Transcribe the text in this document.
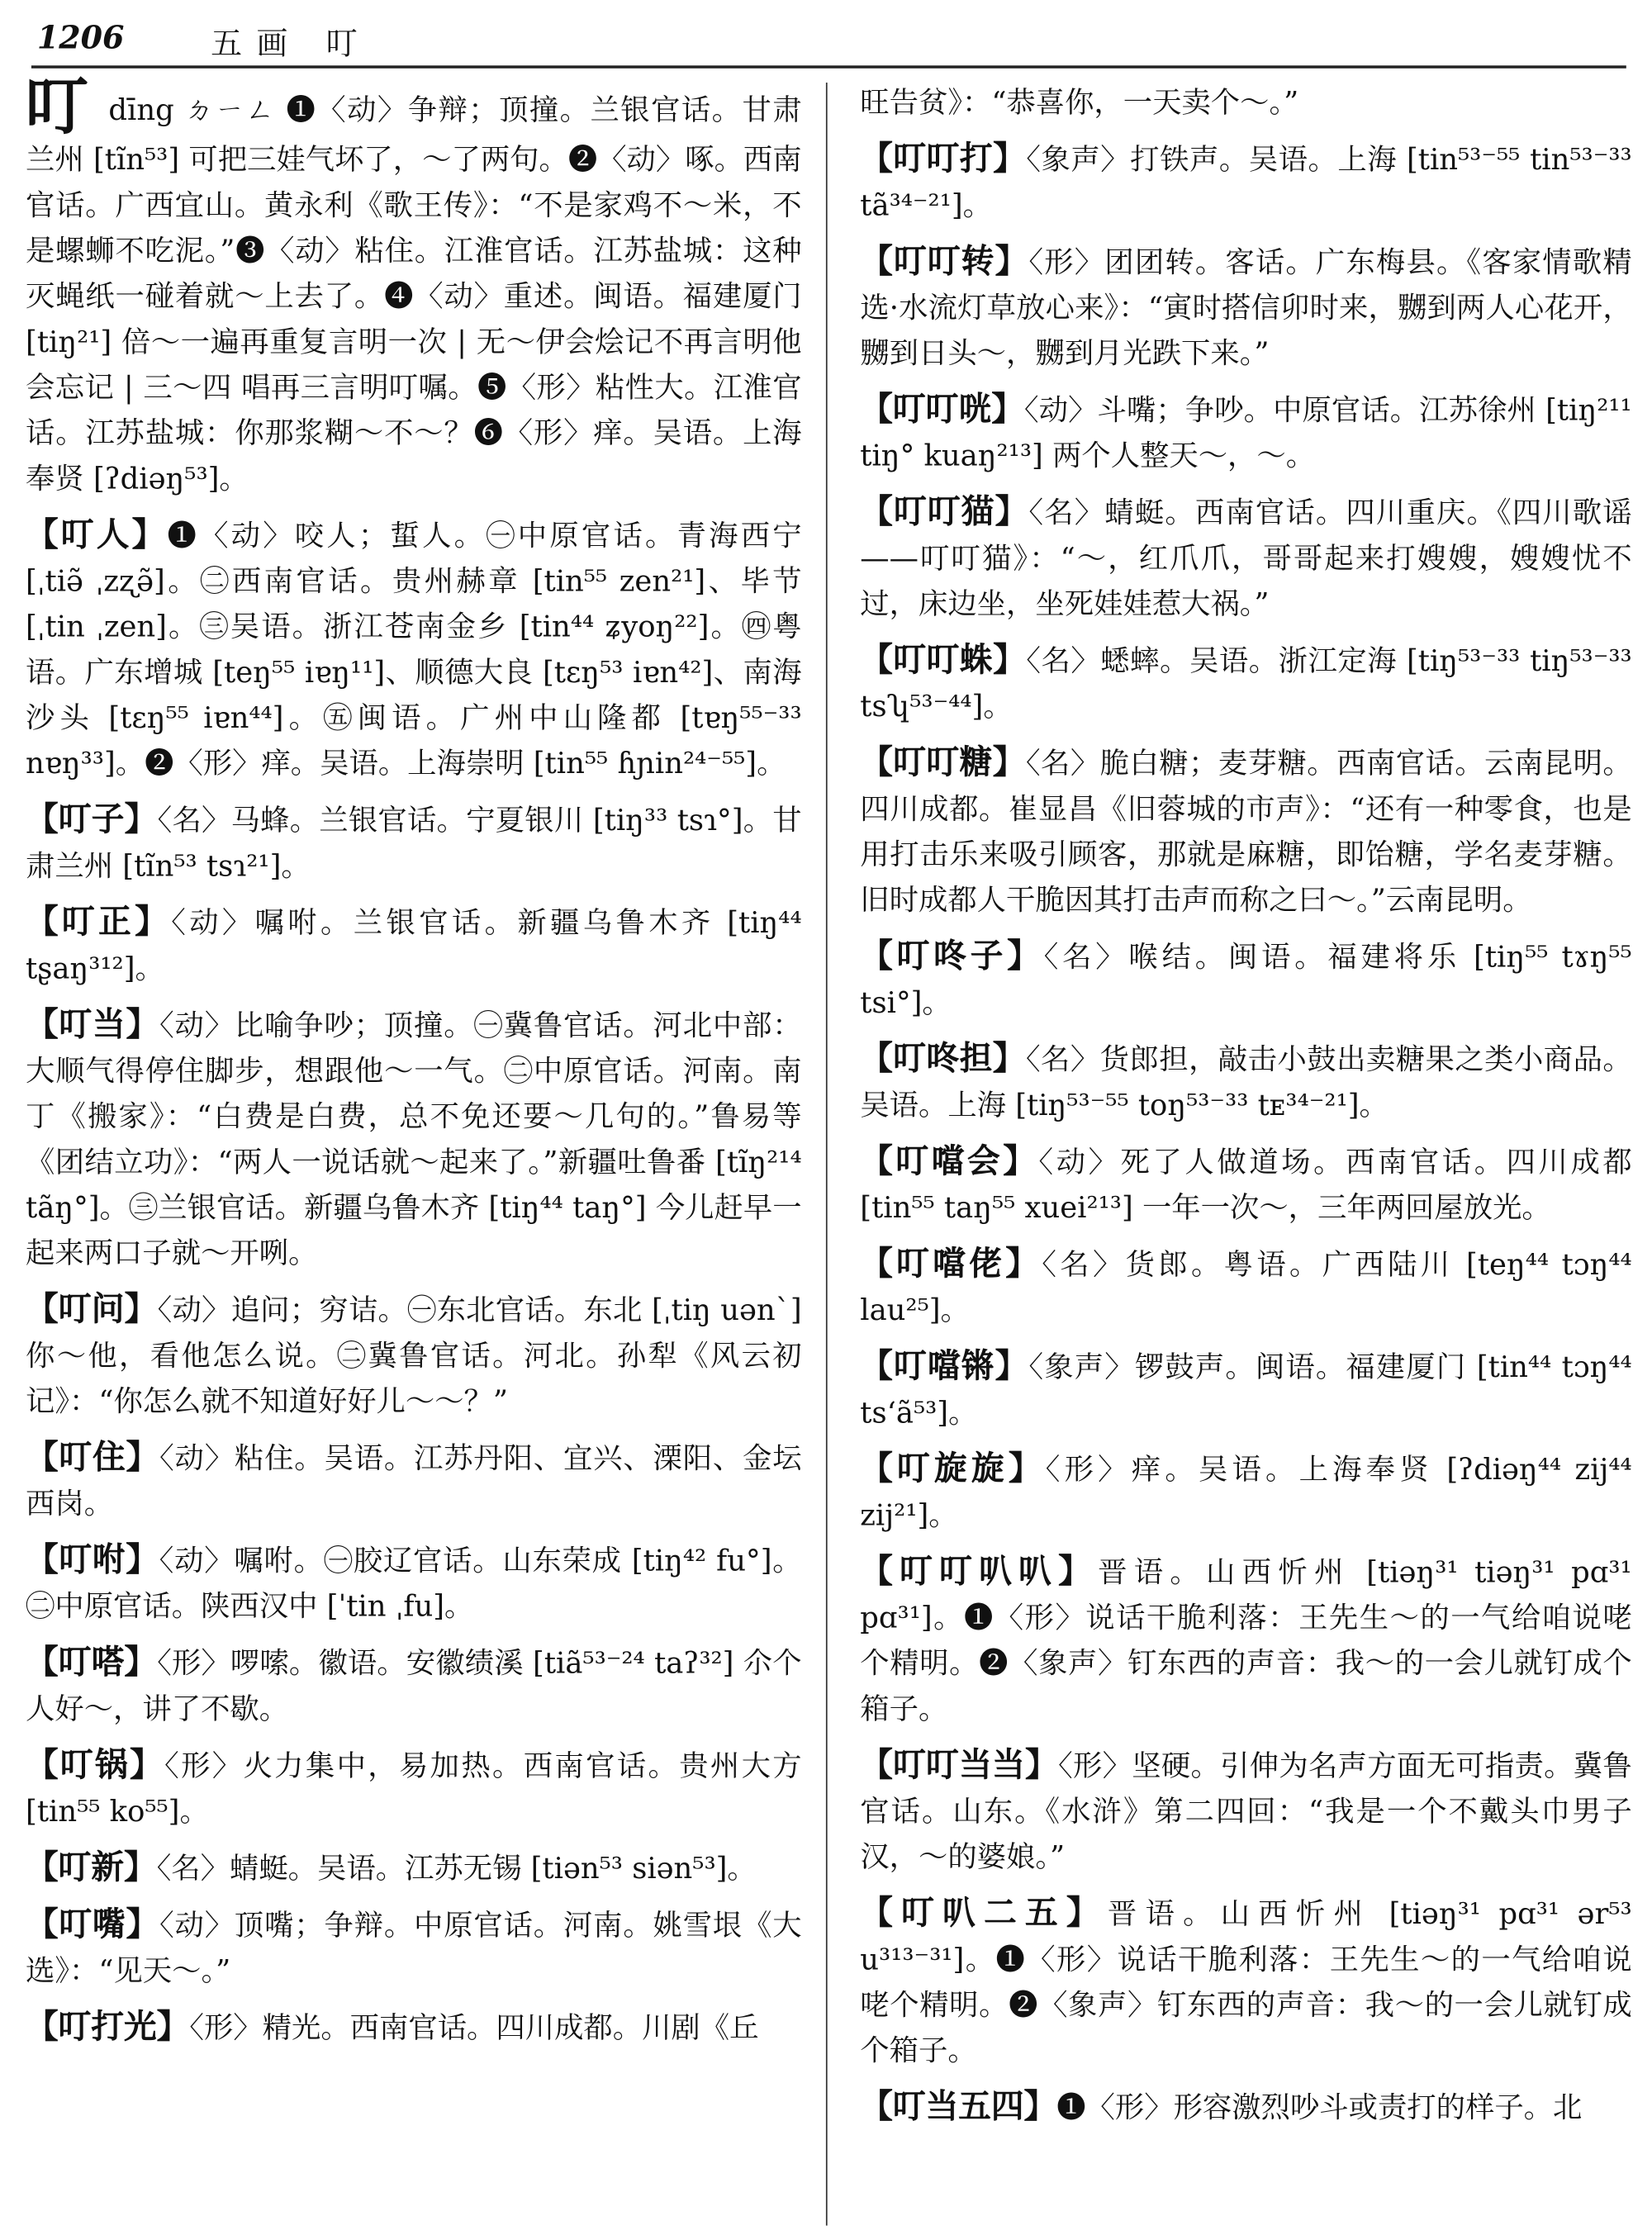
1206	五画 叮

叮 dīng ㄉㄧㄥ ❶〈动〉争辩；顶撞。兰银官话。甘肃兰州 [tĩn⁵³] 可把三娃气坏了，～了两句。❷〈动〉啄。西南官话。广西宜山。黄永利《歌王传》：“不是家鸡不～米，不是螺蛳不吃泥。”❸〈动〉粘住。江淮官话。江苏盐城：这种灭蝇纸一碰着就～上去了。❹〈动〉重述。闽语。福建厦门 [tiŋ²¹] 倍～一遍再重复言明一次 | 无～伊会烩记不再言明他会忘记 | 三～四 唱再三言明叮嘱。❺〈形〉粘性大。江淮官话。江苏盐城：你那浆糊～不～？❻〈形〉痒。吴语。上海奉贤 [ʔdiəŋ⁵³]。

【叮人】❶〈动〉咬人；蜇人。㊀中原官话。青海西宁 [ˌtiə̃ ˌzʐə̃]。㊁西南官话。贵州赫章 [tin⁵⁵ zen²¹]、毕节 [ˌtin ˌzen]。㊂吴语。浙江苍南金乡 [tin⁴⁴ ʑyoŋ²²]。㊃粤语。广东增城 [teŋ⁵⁵ iɐŋ¹¹]、顺德大良 [tɛŋ⁵³ iɐn⁴²]、南海沙头 [tɛŋ⁵⁵ iɐn⁴⁴]。㊄闽语。广州中山隆都 [tɐŋ⁵⁵⁻³³ nɐŋ³³]。❷〈形〉痒。吴语。上海崇明 [tin⁵⁵ ɦɲin²⁴⁻⁵⁵]。

【叮子】〈名〉马蜂。兰银官话。宁夏银川 [tiŋ³³ tsɿ°]。甘肃兰州 [tĩn⁵³ tsɿ²¹]。

【叮正】〈动〉嘱咐。兰银官话。新疆乌鲁木齐 [tiŋ⁴⁴ tʂaŋ³¹²]。

【叮当】〈动〉比喻争吵；顶撞。㊀冀鲁官话。河北中部：大顺气得停住脚步，想跟他～一气。㊁中原官话。河南。南丁《搬家》：“白费是白费，总不免还要～几句的。”鲁易等《团结立功》：“两人一说话就～起来了。”新疆吐鲁番 [tĩŋ²¹⁴ tãŋ°]。㊂兰银官话。新疆乌鲁木齐 [tiŋ⁴⁴ taŋ°] 今儿赶早一起来两口子就～开咧。

【叮问】〈动〉追问；穷诘。㊀东北官话。东北 [ˌtiŋ uənˋ] 你～他，看他怎么说。㊁冀鲁官话。河北。孙犁《风云初记》：“你怎么就不知道好好儿～～？”

【叮住】〈动〉粘住。吴语。江苏丹阳、宜兴、溧阳、金坛西岗。

【叮咐】〈动〉嘱咐。㊀胶辽官话。山东荣成 [tiŋ⁴² fu°]。㊁中原官话。陕西汉中 [ˈtin ˌfu]。

【叮嗒】〈形〉啰嗦。徽语。安徽绩溪 [tiã⁵³⁻²⁴ taʔ³²] 尒个人好～，讲了不歇。

【叮锅】〈形〉火力集中，易加热。西南官话。贵州大方 [tin⁵⁵ ko⁵⁵]。

【叮新】〈名〉蜻蜓。吴语。江苏无锡 [tiən⁵³ siən⁵³]。

【叮嘴】〈动〉顶嘴；争辩。中原官话。河南。姚雪垠《大选》：“见天～。”

【叮打光】〈形〉精光。西南官话。四川成都。川剧《丘

旺告贫》：“恭喜你，一天卖个～。”

【叮叮打】〈象声〉打铁声。吴语。上海 [tin⁵³⁻⁵⁵ tin⁵³⁻³³ tã³⁴⁻²¹]。

【叮叮转】〈形〉团团转。客话。广东梅县。《客家情歌精选·水流灯草放心来》：“寅时搭信卯时来，嬲到两人心花开，嬲到日头～，嬲到月光跌下来。”

【叮叮咣】〈动〉斗嘴；争吵。中原官话。江苏徐州 [tiŋ²¹¹ tiŋ° kuaŋ²¹³] 两个人整天～，～。

【叮叮猫】〈名〉蜻蜓。西南官话。四川重庆。《四川歌谣——叮叮猫》：“～，红爪爪，哥哥起来打嫂嫂，嫂嫂忧不过，床边坐，坐死娃娃惹大祸。”

【叮叮蛛】〈名〉蟋蟀。吴语。浙江定海 [tiŋ⁵³⁻³³ tiŋ⁵³⁻³³ tsʮ⁵³⁻⁴⁴]。

【叮叮糖】〈名〉脆白糖；麦芽糖。西南官话。云南昆明。四川成都。崔显昌《旧蓉城的市声》：“还有一种零食，也是用打击乐来吸引顾客，那就是麻糖，即饴糖，学名麦芽糖。旧时成都人干脆因其打击声而称之曰～。”云南昆明。

【叮咚子】〈名〉喉结。闽语。福建将乐 [tiŋ⁵⁵ tɤŋ⁵⁵ tsi°]。

【叮咚担】〈名〉货郎担，敲击小鼓出卖糖果之类小商品。吴语。上海 [tiŋ⁵³⁻⁵⁵ toŋ⁵³⁻³³ tᴇ³⁴⁻²¹]。

【叮噹会】〈动〉死了人做道场。西南官话。四川成都 [tin⁵⁵ taŋ⁵⁵ xuei²¹³] 一年一次～，三年两回屋放光。

【叮噹佬】〈名〉货郎。粤语。广西陆川 [teŋ⁴⁴ tɔŋ⁴⁴ lau²⁵]。

【叮噹锵】〈象声〉锣鼓声。闽语。福建厦门 [tin⁴⁴ tɔŋ⁴⁴ tsʻã⁵³]。

【叮旋旋】〈形〉痒。吴语。上海奉贤 [ʔdiəŋ⁴⁴ zij⁴⁴ zij²¹]。

【叮叮叭叭】晋语。山西忻州 [tiəŋ³¹ tiəŋ³¹ pɑ³¹ pɑ³¹]。❶〈形〉说话干脆利落：王先生～的一气给咱说咾个精明。❷〈象声〉钉东西的声音：我～的一会儿就钉成个箱子。

【叮叮当当】〈形〉坚硬。引伸为名声方面无可指责。冀鲁官话。山东。《水浒》第二四回：“我是一个不戴头巾男子汉，～的婆娘。”

【叮叭二五】晋语。山西忻州 [tiəŋ³¹ pɑ³¹ ər⁵³ u³¹³⁻³¹]。❶〈形〉说话干脆利落：王先生～的一气给咱说咾个精明。❷〈象声〉钉东西的声音：我～的一会儿就钉成个箱子。

【叮当五四】❶〈形〉形容激烈吵斗或责打的样子。北
